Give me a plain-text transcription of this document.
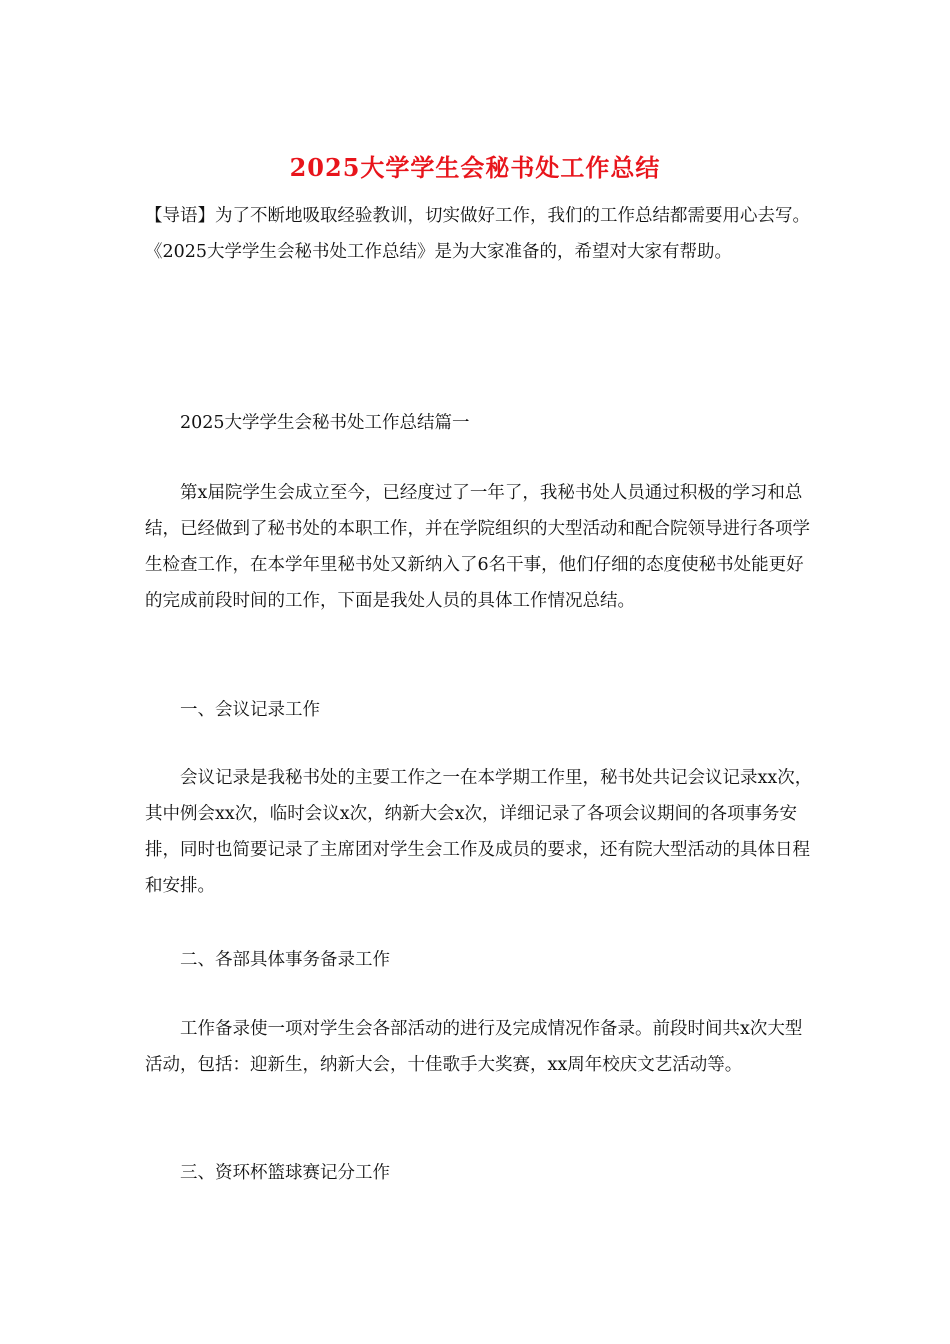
2025大学学生会秘书处工作总结

【导语】为了不断地吸取经验教训，切实做好工作，我们的工作总结都需要用心去写。《2025大学学生会秘书处工作总结》是为大家准备的，希望对大家有帮助。

2025大学学生会秘书处工作总结篇一

第x届院学生会成立至今，已经度过了一年了，我秘书处人员通过积极的学习和总结，已经做到了秘书处的本职工作，并在学院组织的大型活动和配合院领导进行各项学生检查工作，在本学年里秘书处又新纳入了6名干事，他们仔细的态度使秘书处能更好的完成前段时间的工作，下面是我处人员的具体工作情况总结。

一、会议记录工作

会议记录是我秘书处的主要工作之一在本学期工作里，秘书处共记会议记录xx次，其中例会xx次，临时会议x次，纳新大会x次，详细记录了各项会议期间的各项事务安排，同时也简要记录了主席团对学生会工作及成员的要求，还有院大型活动的具体日程和安排。

二、各部具体事务备录工作

工作备录使一项对学生会各部活动的进行及完成情况作备录。前段时间共x次大型活动，包括：迎新生，纳新大会，十佳歌手大奖赛，xx周年校庆文艺活动等。

三、资环杯篮球赛记分工作
